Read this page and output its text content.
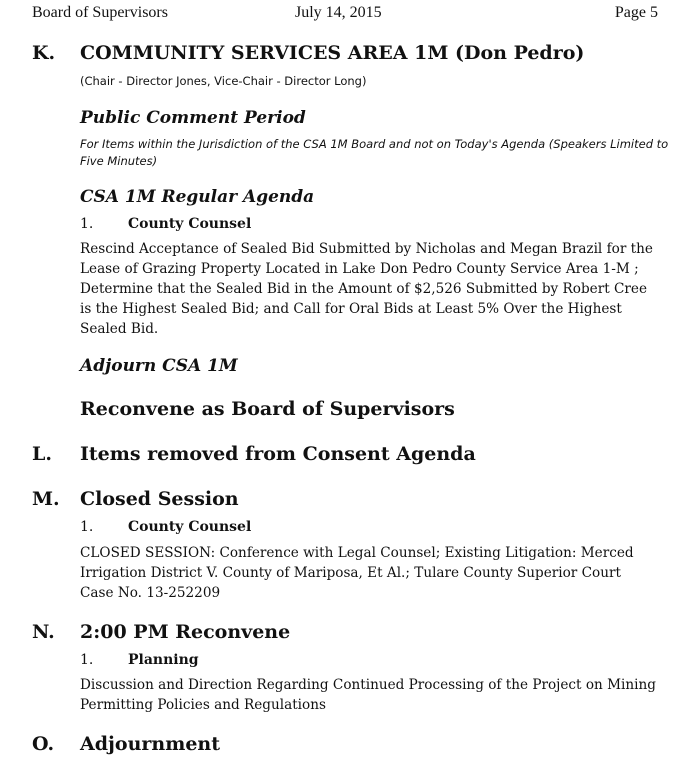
Board of Supervisors	July 14, 2015	Page 5
K. COMMUNITY SERVICES AREA 1M (Don Pedro)
(Chair - Director Jones, Vice-Chair - Director Long)
Public Comment Period
For Items within the Jurisdiction of the CSA 1M Board and not on Today's Agenda (Speakers Limited to Five Minutes)
CSA 1M Regular Agenda
1. County Counsel
Rescind Acceptance of Sealed Bid Submitted by Nicholas and Megan Brazil for the Lease of Grazing Property Located in Lake Don Pedro County Service Area 1-M ; Determine that the Sealed Bid in the Amount of $2,526 Submitted by Robert Cree is the Highest Sealed Bid; and Call for Oral Bids at Least 5% Over the Highest Sealed Bid.
Adjourn CSA 1M
Reconvene as Board of Supervisors
L. Items removed from Consent Agenda
M. Closed Session
1. County Counsel
CLOSED SESSION: Conference with Legal Counsel; Existing Litigation: Merced Irrigation District V. County of Mariposa, Et Al.; Tulare County Superior Court Case No. 13-252209
N. 2:00 PM Reconvene
1. Planning
Discussion and Direction Regarding Continued Processing of the Project on Mining Permitting Policies and Regulations
O. Adjournment
